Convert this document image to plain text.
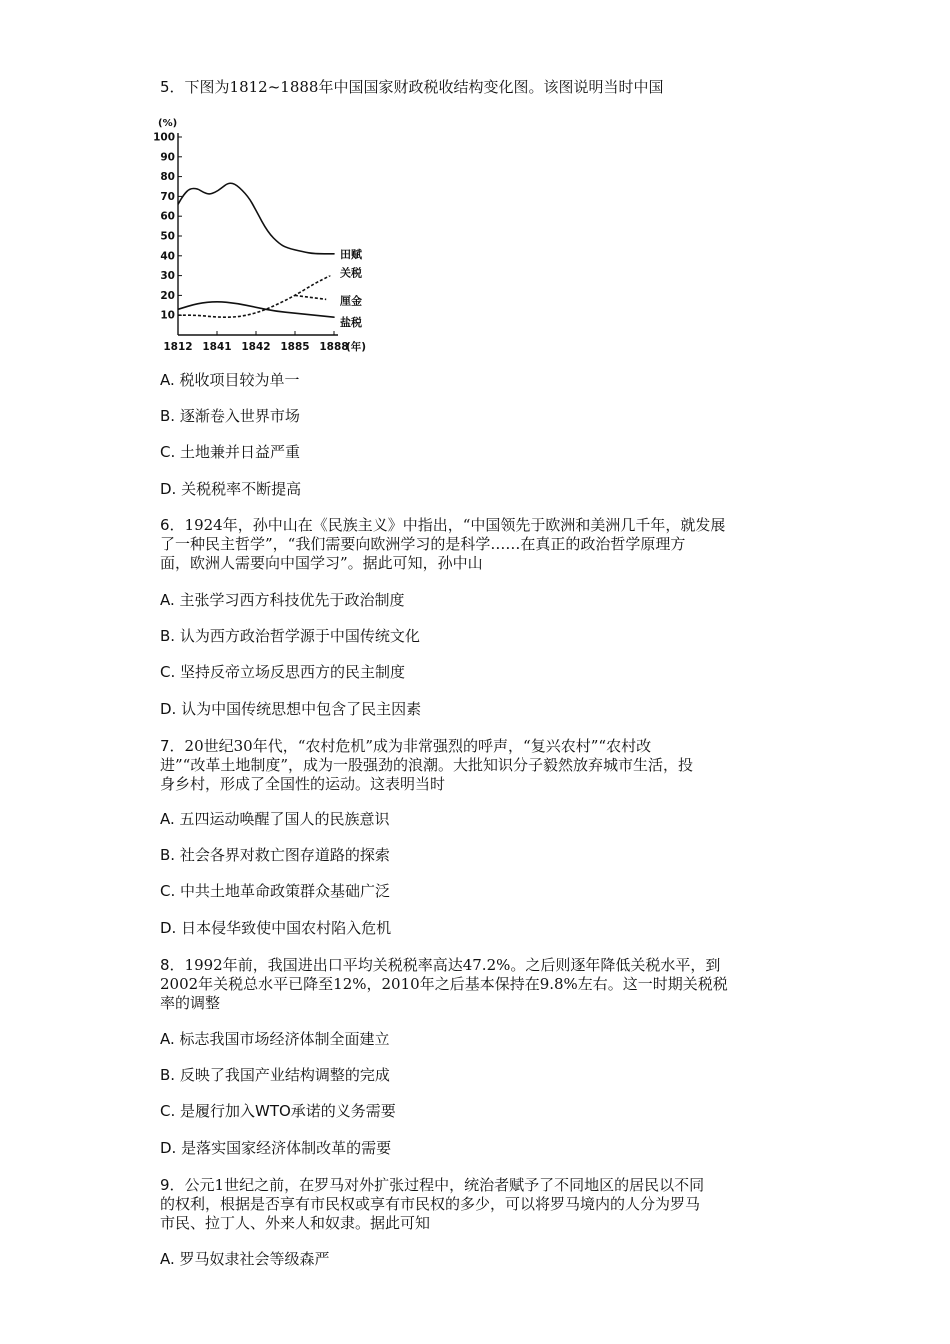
5．下图为1812~1888年中国国家财政税收结构变化图。该图说明当时中国
(%)
10
20
30
40
50
60
70
80
90
100
1812 1841 1842 1885 1888
(年)
田赋
关税
厘金
盐税
A. 税收项目较为单一
B. 逐渐卷入世界市场
C. 土地兼并日益严重
D. 关税税率不断提高
6．1924年，孙中山在《民族主义》中指出，“中国领先于欧洲和美洲几千年，就发展
了一种民主哲学”，“我们需要向欧洲学习的是科学……在真正的政治哲学原理方
面，欧洲人需要向中国学习”。据此可知，孙中山
A. 主张学习西方科技优先于政治制度
B. 认为西方政治哲学源于中国传统文化
C. 坚持反帝立场反思西方的民主制度
D. 认为中国传统思想中包含了民主因素
7．20世纪30年代，“农村危机”成为非常强烈的呼声，“复兴农村”“农村改
进”“改革土地制度”，成为一股强劲的浪潮。大批知识分子毅然放弃城市生活，投
身乡村，形成了全国性的运动。这表明当时
A. 五四运动唤醒了国人的民族意识
B. 社会各界对救亡图存道路的探索
C. 中共土地革命政策群众基础广泛
D. 日本侵华致使中国农村陷入危机
8．1992年前，我国进出口平均关税税率高达47.2%。之后则逐年降低关税水平，到
2002年关税总水平已降至12%，2010年之后基本保持在9.8%左右。这一时期关税税
率的调整
A. 标志我国市场经济体制全面建立
B. 反映了我国产业结构调整的完成
C. 是履行加入WTO承诺的义务需要
D. 是落实国家经济体制改革的需要
9．公元1世纪之前，在罗马对外扩张过程中，统治者赋予了不同地区的居民以不同
的权利，根据是否享有市民权或享有市民权的多少，可以将罗马境内的人分为罗马
市民、拉丁人、外来人和奴隶。据此可知
A. 罗马奴隶社会等级森严
